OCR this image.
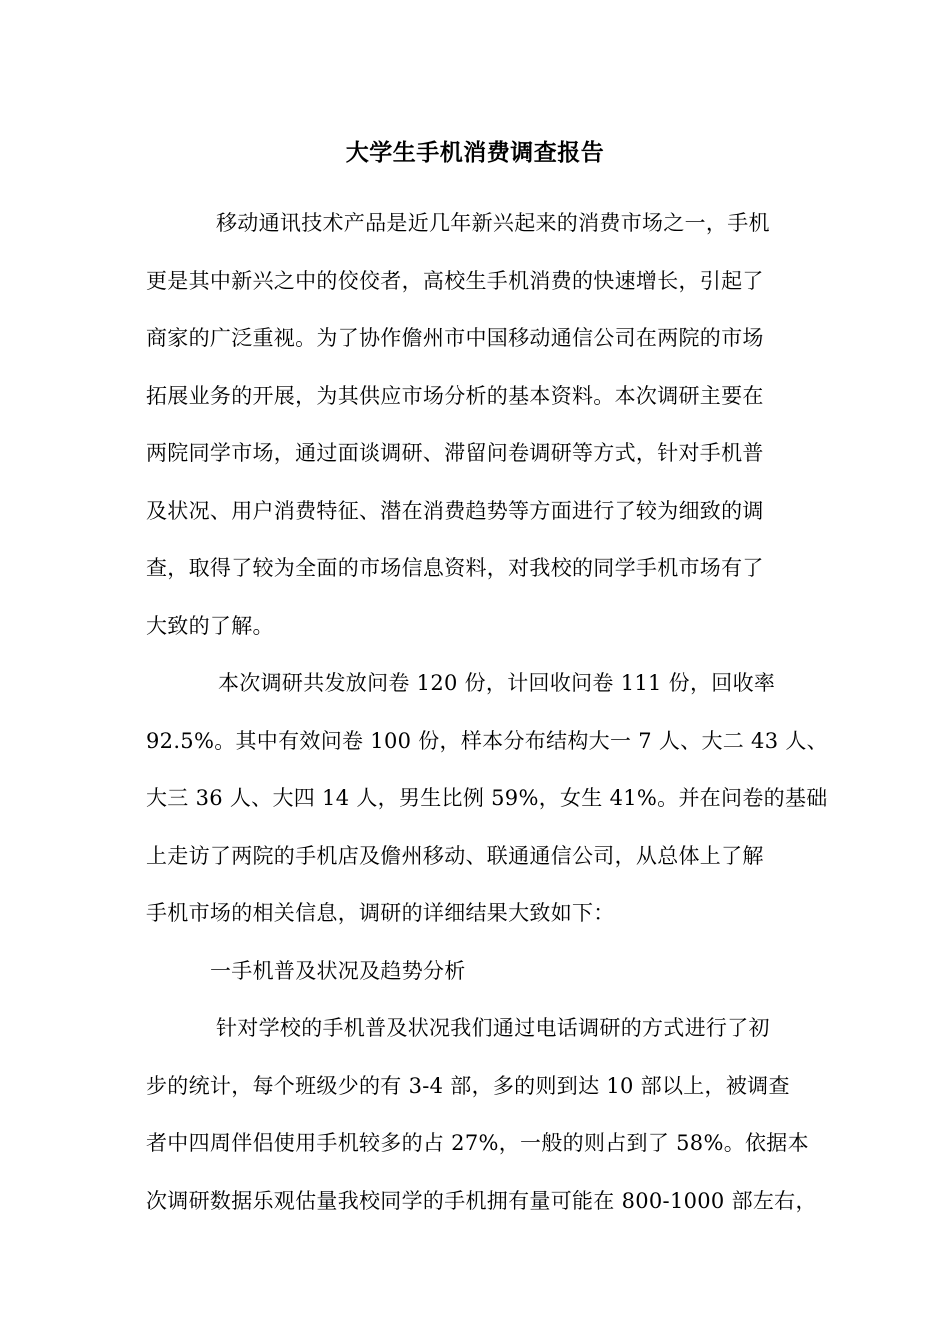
大学生手机消费调查报告
移动通讯技术产品是近几年新兴起来的消费市场之一，手机
更是其中新兴之中的佼佼者，高校生手机消费的快速增长，引起了
商家的广泛重视。为了协作儋州市中国移动通信公司在两院的市场
拓展业务的开展，为其供应市场分析的基本资料。本次调研主要在
两院同学市场，通过面谈调研、滞留问卷调研等方式，针对手机普
及状况、用户消费特征、潜在消费趋势等方面进行了较为细致的调
查，取得了较为全面的市场信息资料，对我校的同学手机市场有了
大致的了解。
本次调研共发放问卷 120 份，计回收问卷 111 份，回收率
92.5%。其中有效问卷 100 份，样本分布结构大一 7 人、大二 43 人、
大三 36 人、大四 14 人，男生比例 59%，女生 41%。并在问卷的基础
上走访了两院的手机店及儋州移动、联通通信公司，从总体上了解
手机市场的相关信息，调研的详细结果大致如下：
一手机普及状况及趋势分析
针对学校的手机普及状况我们通过电话调研的方式进行了初
步的统计，每个班级少的有 3-4 部，多的则到达 10 部以上，被调查
者中四周伴侣使用手机较多的占 27%，一般的则占到了 58%。依据本
次调研数据乐观估量我校同学的手机拥有量可能在 800-1000 部左右，
